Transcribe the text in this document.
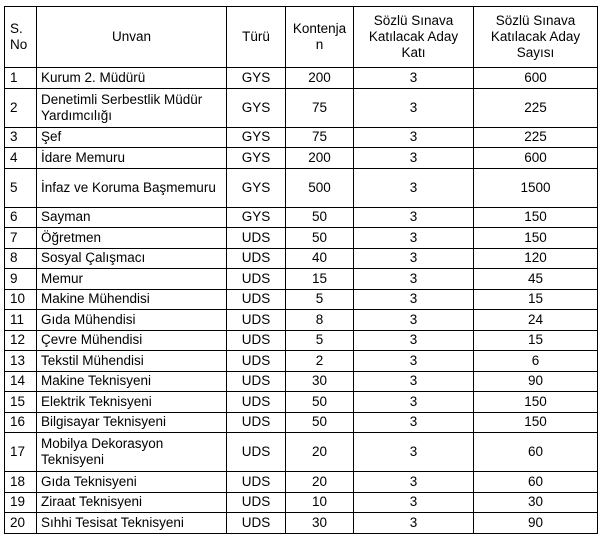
S. No	Unvan	Türü	Kontenja n	Sözlü Sınava Katılacak Aday Katı	Sözlü Sınava Katılacak Aday Sayısı
1	Kurum 2. Müdürü	GYS	200	3	600
2	Denetimli Serbestlik Müdür Yardımcılığı	GYS	75	3	225
3	Şef	GYS	75	3	225
4	İdare Memuru	GYS	200	3	600
5	İnfaz ve Koruma Başmemuru	GYS	500	3	1500
6	Sayman	GYS	50	3	150
7	Öğretmen	UDS	50	3	150
8	Sosyal Çalışmacı	UDS	40	3	120
9	Memur	UDS	15	3	45
10	Makine Mühendisi	UDS	5	3	15
11	Gıda Mühendisi	UDS	8	3	24
12	Çevre Mühendisi	UDS	5	3	15
13	Tekstil Mühendisi	UDS	2	3	6
14	Makine Teknisyeni	UDS	30	3	90
15	Elektrik Teknisyeni	UDS	50	3	150
16	Bilgisayar Teknisyeni	UDS	50	3	150
17	Mobilya Dekorasyon Teknisyeni	UDS	20	3	60
18	Gıda Teknisyeni	UDS	20	3	60
19	Ziraat Teknisyeni	UDS	10	3	30
20	Sıhhi Tesisat Teknisyeni	UDS	30	3	90
